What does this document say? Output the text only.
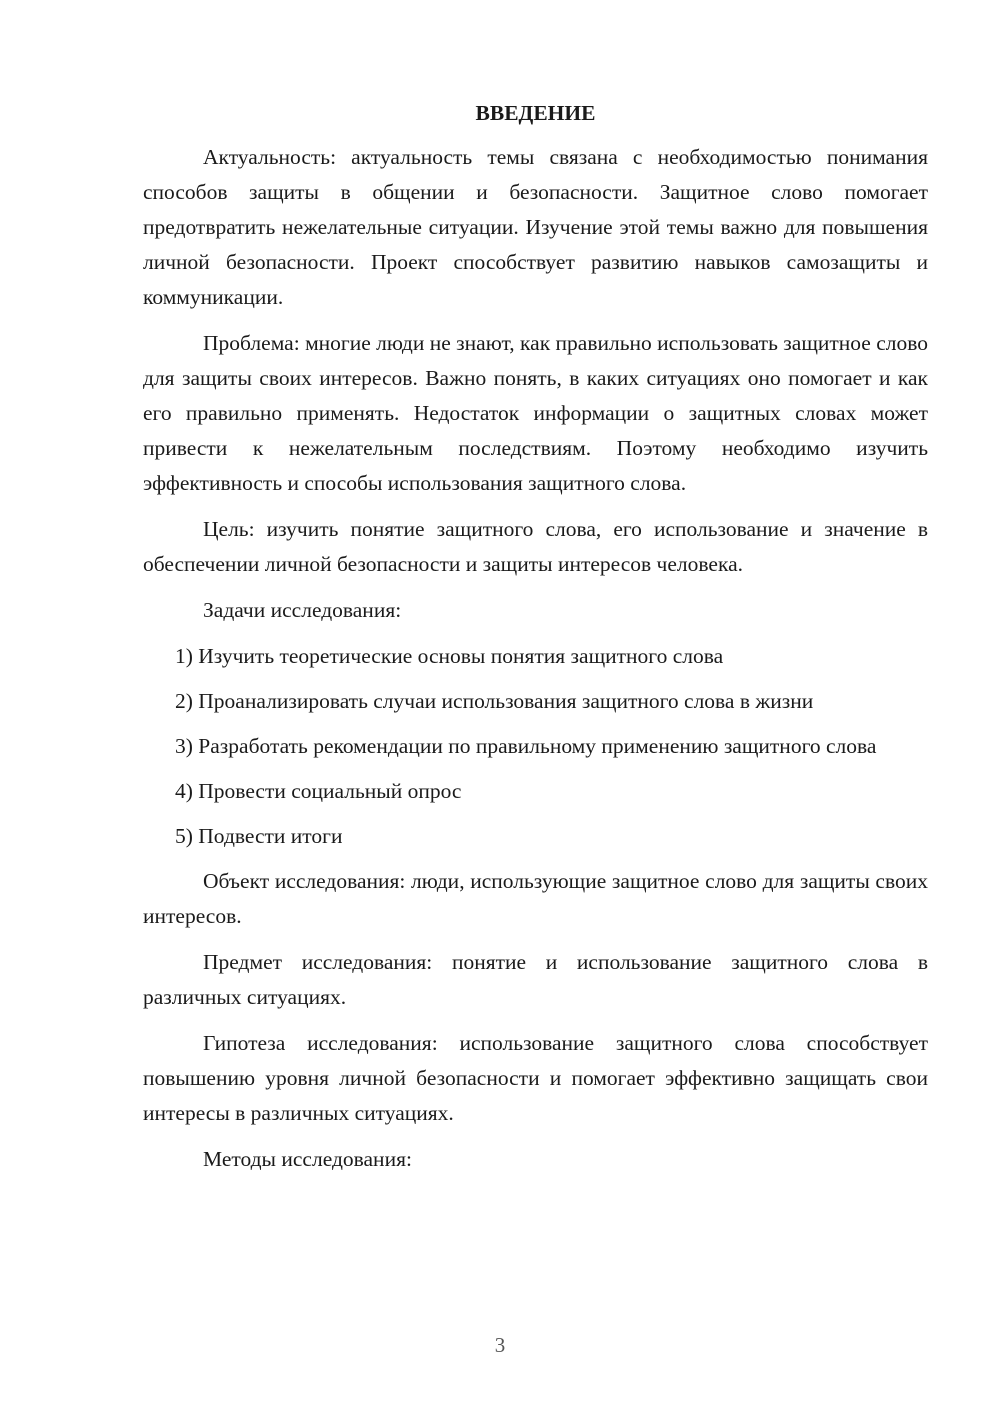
ВВЕДЕНИЕ

Актуальность: актуальность темы связана с необходимостью понимания способов защиты в общении и безопасности. Защитное слово помогает предотвратить нежелательные ситуации. Изучение этой темы важно для повышения личной безопасности. Проект способствует развитию навыков самозащиты и коммуникации.

Проблема: многие люди не знают, как правильно использовать защитное слово для защиты своих интересов. Важно понять, в каких ситуациях оно помогает и как его правильно применять. Недостаток информации о защитных словах может привести к нежелательным последствиям. Поэтому необходимо изучить эффективность и способы использования защитного слова.

Цель: изучить понятие защитного слова, его использование и значение в обеспечении личной безопасности и защиты интересов человека.

Задачи исследования:

1) Изучить теоретические основы понятия защитного слова

2) Проанализировать случаи использования защитного слова в жизни

3) Разработать рекомендации по правильному применению защитного слова

4) Провести социальный опрос

5) Подвести итоги

Объект исследования: люди, использующие защитное слово для защиты своих интересов.

Предмет исследования: понятие и использование защитного слова в различных ситуациях.

Гипотеза исследования: использование защитного слова способствует повышению уровня личной безопасности и помогает эффективно защищать свои интересы в различных ситуациях.

Методы исследования:

3
